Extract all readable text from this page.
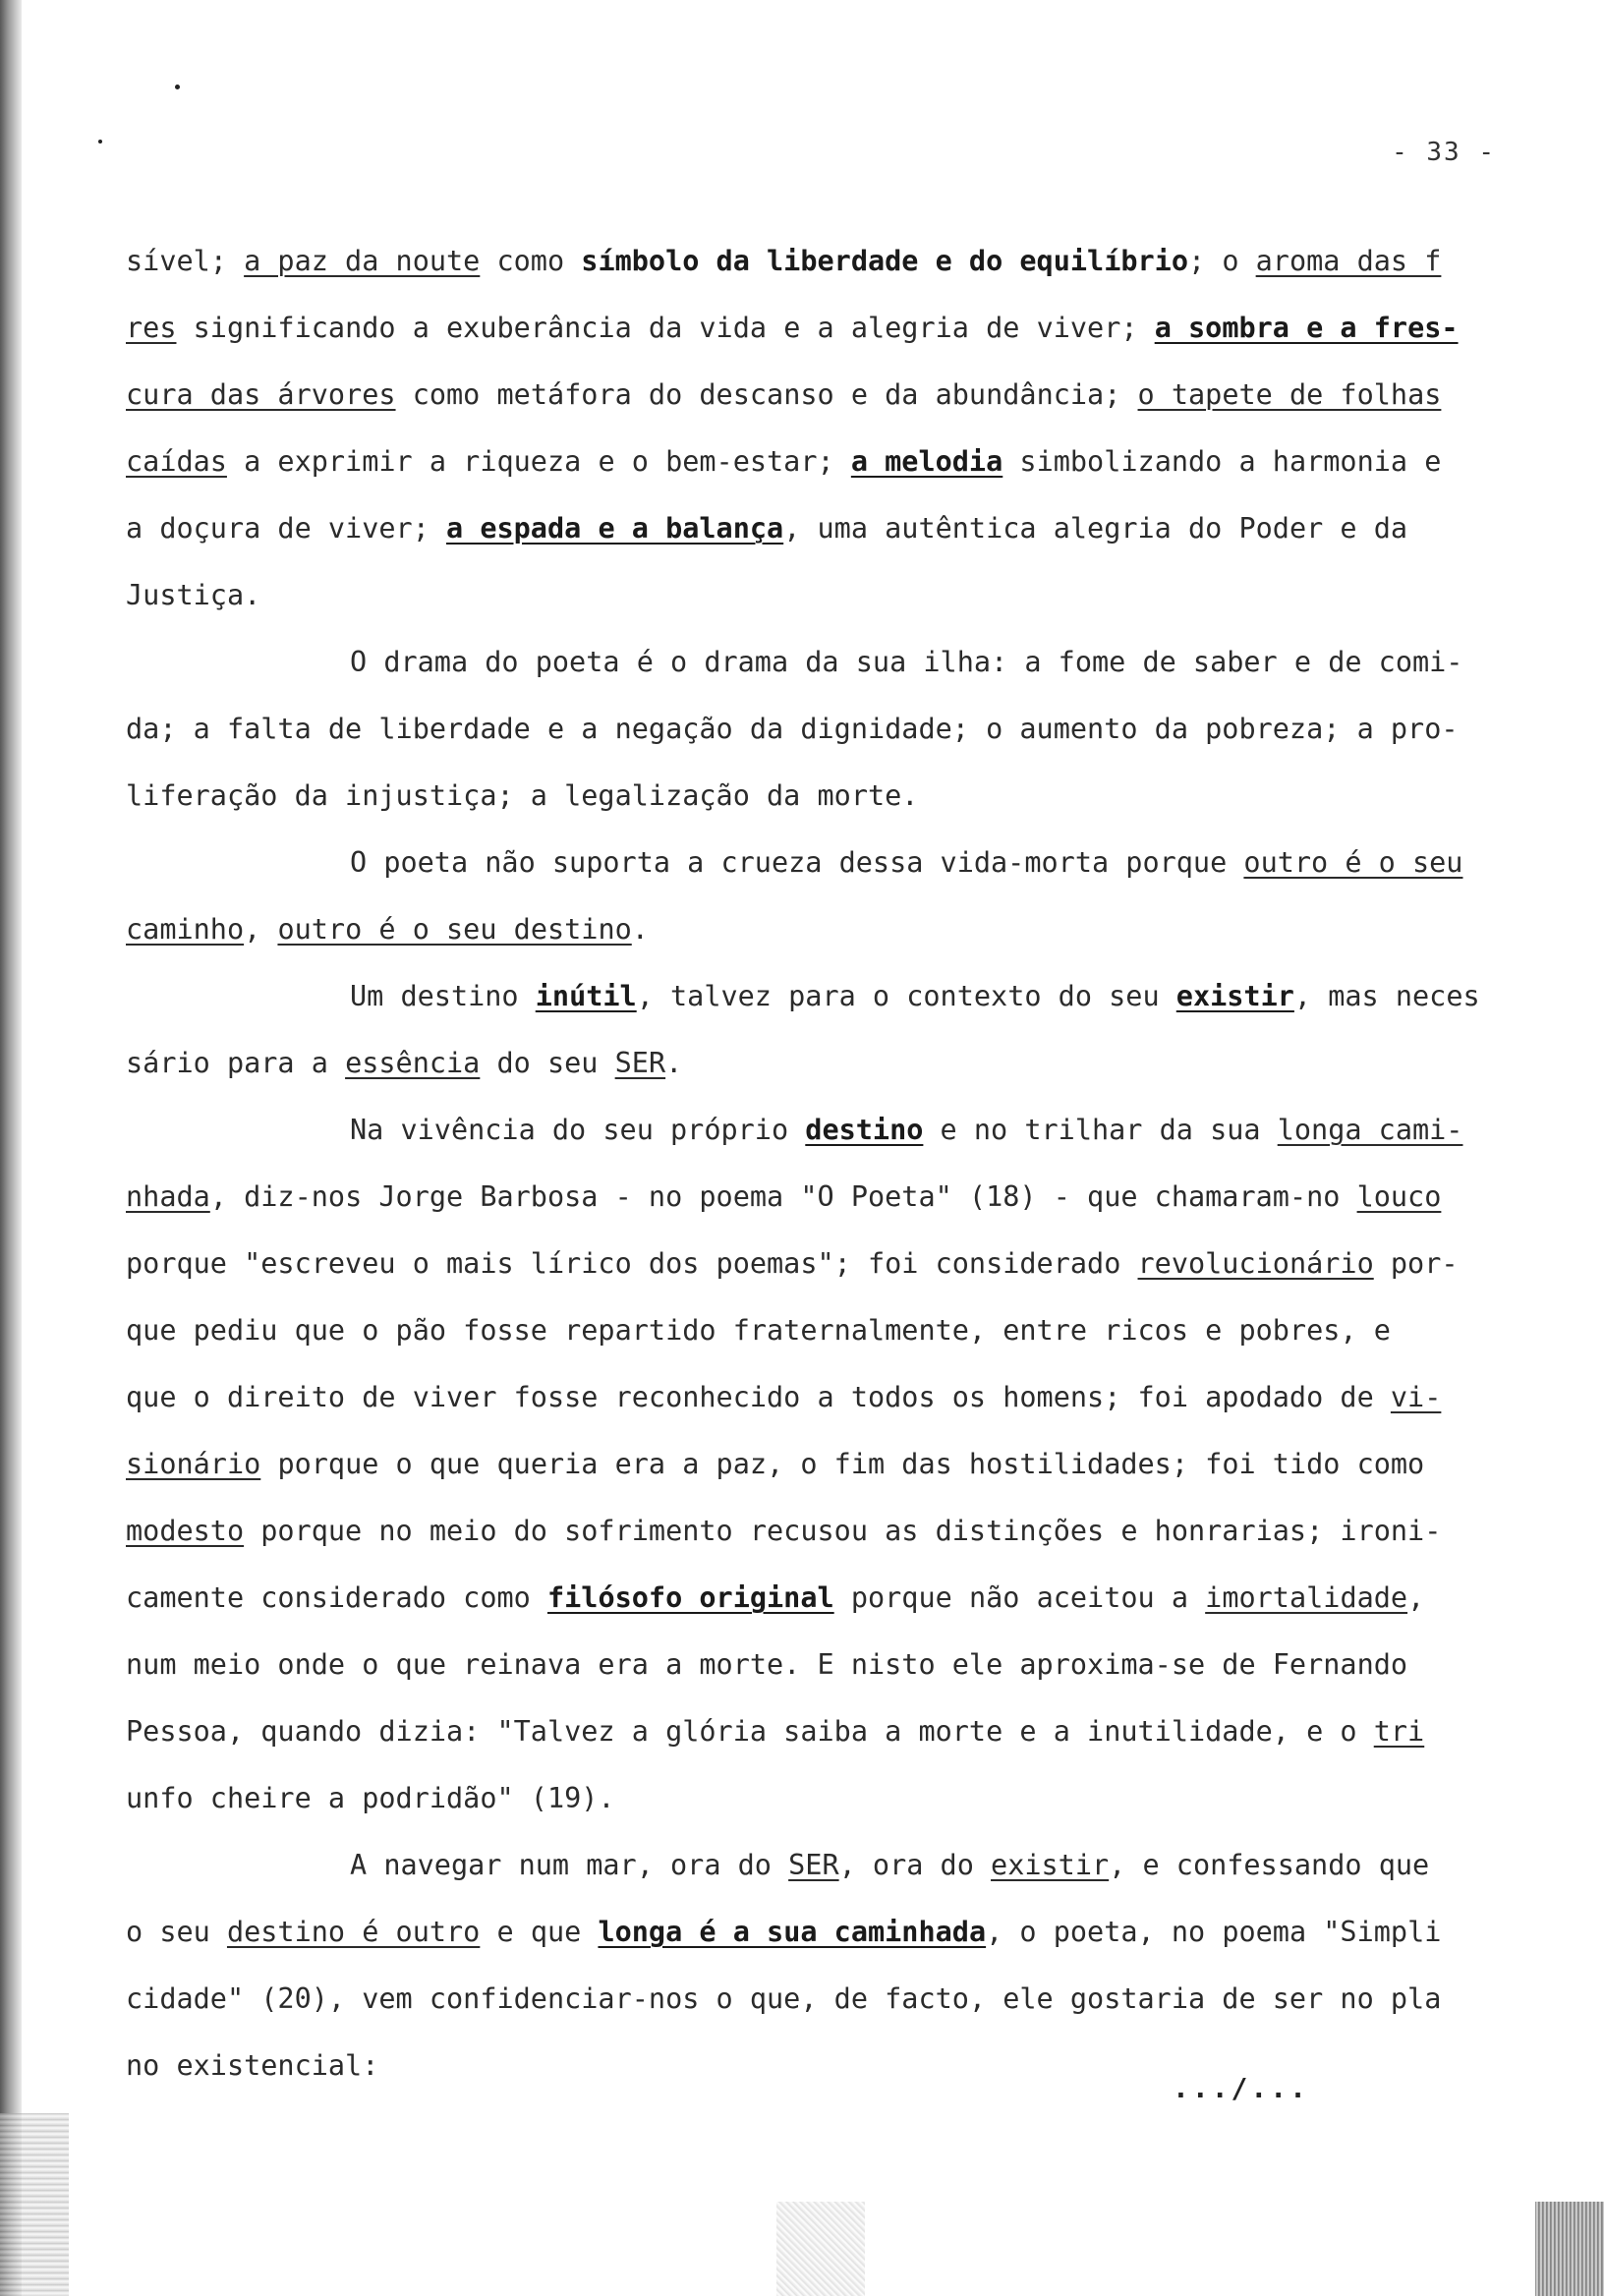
- 33 -
sível; a paz da noute como símbolo da liberdade e do equilíbrio; o aroma das f
res significando a exuberância da vida e a alegria de viver; a sombra e a fres-
cura das árvores como metáfora do descanso e da abundância; o tapete de folhas
caídas a exprimir a riqueza e o bem-estar; a melodia simbolizando a harmonia e
a doçura de viver; a espada e a balança, uma autêntica alegria do Poder e da
Justiça.
O drama do poeta é o drama da sua ilha: a fome de saber e de comi-
da; a falta de liberdade e a negação da dignidade; o aumento da pobreza; a pro-
liferação da injustiça; a legalização da morte.
O poeta não suporta a crueza dessa vida-morta porque outro é o seu
caminho, outro é o seu destino.
Um destino inútil, talvez para o contexto do seu existir, mas neces
sário para a essência do seu SER.
Na vivência do seu próprio destino e no trilhar da sua longa cami-
nhada, diz-nos Jorge Barbosa - no poema "O Poeta" (18) - que chamaram-no louco
porque "escreveu o mais lírico dos poemas"; foi considerado revolucionário por-
que pediu que o pão fosse repartido fraternalmente, entre ricos e pobres, e
que o direito de viver fosse reconhecido a todos os homens; foi apodado de vi-
sionário porque o que queria era a paz, o fim das hostilidades; foi tido como
modesto porque no meio do sofrimento recusou as distinções e honrarias; ironi-
camente considerado como filósofo original porque não aceitou a imortalidade,
num meio onde o que reinava era a morte. E nisto ele aproxima-se de Fernando
Pessoa, quando dizia: "Talvez a glória saiba a morte e a inutilidade, e o tri
unfo cheire a podridão" (19).
A navegar num mar, ora do SER, ora do existir, e confessando que
o seu destino é outro e que longa é a sua caminhada, o poeta, no poema "Simpli
cidade" (20), vem confidenciar-nos o que, de facto, ele gostaria de ser no pla
no existencial:
.../...
